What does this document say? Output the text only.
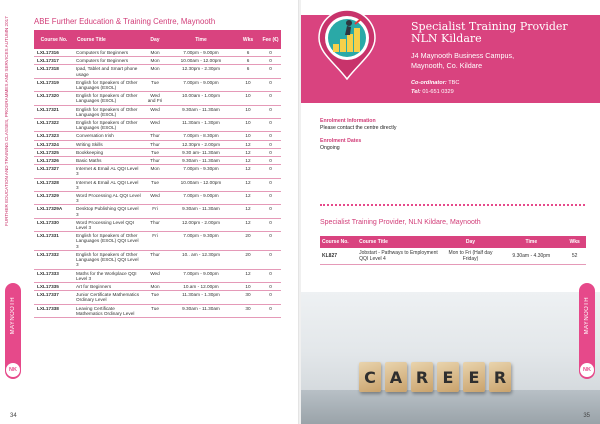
FURTHER EDUCATION AND TRAINING CLASSES, PROGRAMMES AND SERVICES AUTUMN 2017
MAYNOOTH
NK
ABE Further Education & Training Centre, Maynooth
Course No.	Course Title	Day	Time	Wks	Fee (€)
LXL17316	Computers for Beginners	Mon	7.00pm - 9.00pm	6	0
LXL17317	Computers for Beginners	Mon	10.00am - 12.00pm	6	0
LXL17318	Ipad, Tablet and Smart phone usage	Mon	12.30pm - 2.30pm	6	0
LXL17319	English for Speakers of Other Languages (ESOL)	Tue	7.00pm - 9.00pm	10	0
LXL17320	English for Speakers of Other Languages (ESOL)	Wed and Fri	10.00am - 1.00pm	10	0
LXL17321	English for Speakers of Other Languages (ESOL)	Wed	9.30am - 11.30am	10	0
LXL17322	English for Speakers of Other Languages (ESOL)	Wed	11.30am - 1.30pm	10	0
LXL17323	Conversation Irish	Thur	7.00pm - 8.30pm	10	0
LXL17324	Writing Skills	Thur	12.30pm - 2.00pm	12	0
LXL17325	Bookkeeping	Tue	9.30 am- 11.30am	12	0
LXL17326	Basic Maths	Thur	9.30am - 11.30am	12	0
LXL17327	Internet & Email AL QQI Level 3	Mon	7.00pm - 9.30pm	12	0
LXL17328	Internet & Email AL QQI Level 3	Tue	10.00am - 12.00pm	12	0
LXL17329	Word Processing AL QQI Level 3	Wed	7.00pm - 9.00pm	12	0
LXL17329A	Desktop Publishing QQI Level 3	Fri	9.30am - 11.30am	12	0
LXL17330	Word Processing Level QQI Level 3	Thur	12.00pm - 2.00pm	12	0
LXL17331	English for Speakers of Other Languages (ESOL) QQI Level 3	Fri	7.00pm - 9.30pm	20	0
LXL17332	English for Speakers of Other Languages (ESOL) QQI Level 3	Thur	10.. am - 12.30pm	20	0
LXL17333	Maths for the Workplace QQI Level 3	Wed	7.00pm - 9.00pm	12	0
LXL17335	Art for Beginners	Mon	10.am - 12.00pm	10	0
LXL17337	Junior Certificate Mathematics Ordinary Level	Tue	11.30am - 1.30pm	30	0
LXL17338	Leaving Certificate Mathematics Ordinary Level	Tue	9.30am - 11.30am	30	0
34
Specialist Training Provider
NLN Kildare
J4 Maynooth Business Campus,
Maynooth, Co. Kildare
Co-ordinator: TBC
Tel: 01-651 0329
Enrolment Information
Please contact the centre directly
Enrolment Dates
Ongoing
Specialist Training Provider, NLN Kildare, Maynooth
Course No.	Course Title	Day	Time	Wks
KL827	Jobstart - Pathways to Employment QQI Level 4	Mon to Fri (Half day Friday)	9.30am - 4.30pm	52
C A R E E R
MAYNOOTH
NK
35
